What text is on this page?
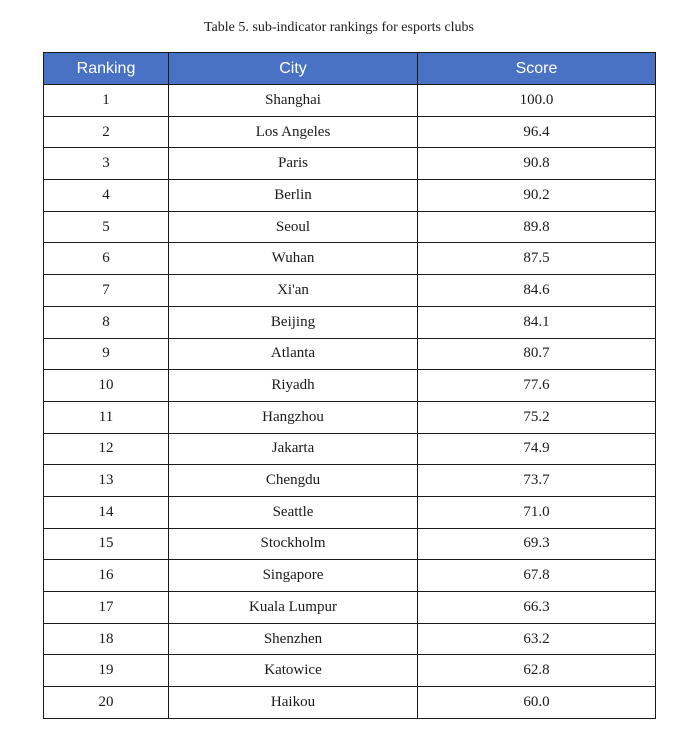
Table 5. sub-indicator rankings for esports clubs
Ranking	City	Score
1	Shanghai	100.0
2	Los Angeles	96.4
3	Paris	90.8
4	Berlin	90.2
5	Seoul	89.8
6	Wuhan	87.5
7	Xi'an	84.6
8	Beijing	84.1
9	Atlanta	80.7
10	Riyadh	77.6
11	Hangzhou	75.2
12	Jakarta	74.9
13	Chengdu	73.7
14	Seattle	71.0
15	Stockholm	69.3
16	Singapore	67.8
17	Kuala Lumpur	66.3
18	Shenzhen	63.2
19	Katowice	62.8
20	Haikou	60.0
